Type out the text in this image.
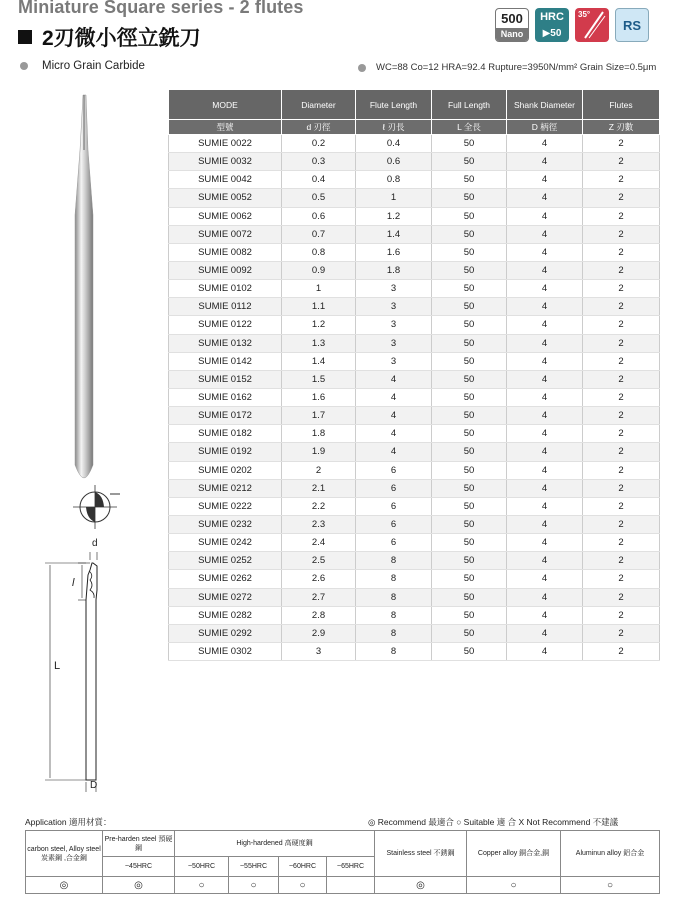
Miniature Square series - 2 flutes
2刃微小徑立銑刀
500
Nano
HRC
▶50
35°
RS
Micro Grain Carbide	WC=88 Co=12 HRA=92.4 Rupture=3950N/mm² Grain Size=0.5μm
d
l
L
D
MODE	Diameter	Flute Length	Full Length	Shank Diameter	Flutes
型號	d 刃徑	ℓ 刃長	L 全長	D 柄徑	Z 刃數
SUMIE 0022	0.2	0.4	50	4	2
SUMIE 0032	0.3	0.6	50	4	2
SUMIE 0042	0.4	0.8	50	4	2
SUMIE 0052	0.5	1	50	4	2
SUMIE 0062	0.6	1.2	50	4	2
SUMIE 0072	0.7	1.4	50	4	2
SUMIE 0082	0.8	1.6	50	4	2
SUMIE 0092	0.9	1.8	50	4	2
SUMIE 0102	1	3	50	4	2
SUMIE 0112	1.1	3	50	4	2
SUMIE 0122	1.2	3	50	4	2
SUMIE 0132	1.3	3	50	4	2
SUMIE 0142	1.4	3	50	4	2
SUMIE 0152	1.5	4	50	4	2
SUMIE 0162	1.6	4	50	4	2
SUMIE 0172	1.7	4	50	4	2
SUMIE 0182	1.8	4	50	4	2
SUMIE 0192	1.9	4	50	4	2
SUMIE 0202	2	6	50	4	2
SUMIE 0212	2.1	6	50	4	2
SUMIE 0222	2.2	6	50	4	2
SUMIE 0232	2.3	6	50	4	2
SUMIE 0242	2.4	6	50	4	2
SUMIE 0252	2.5	8	50	4	2
SUMIE 0262	2.6	8	50	4	2
SUMIE 0272	2.7	8	50	4	2
SUMIE 0282	2.8	8	50	4	2
SUMIE 0292	2.9	8	50	4	2
SUMIE 0302	3	8	50	4	2
Application 適用材質：	◎ Recommend 最適合 ○ Suitable 適 合 X Not Recommend 不建議
carbon steel, Alloy steel 炭素鋼 ,合金鋼	Pre-harden steel 預硬鋼	High-hardened 高硬度鋼				Stainless steel 不銹鋼	Copper alloy 銅合金,銅	Aluminun alloy 鋁合金
	~45HRC	~50HRC	~55HRC	~60HRC	~65HRC			
◎	◎	○	○	○		◎	○	○
